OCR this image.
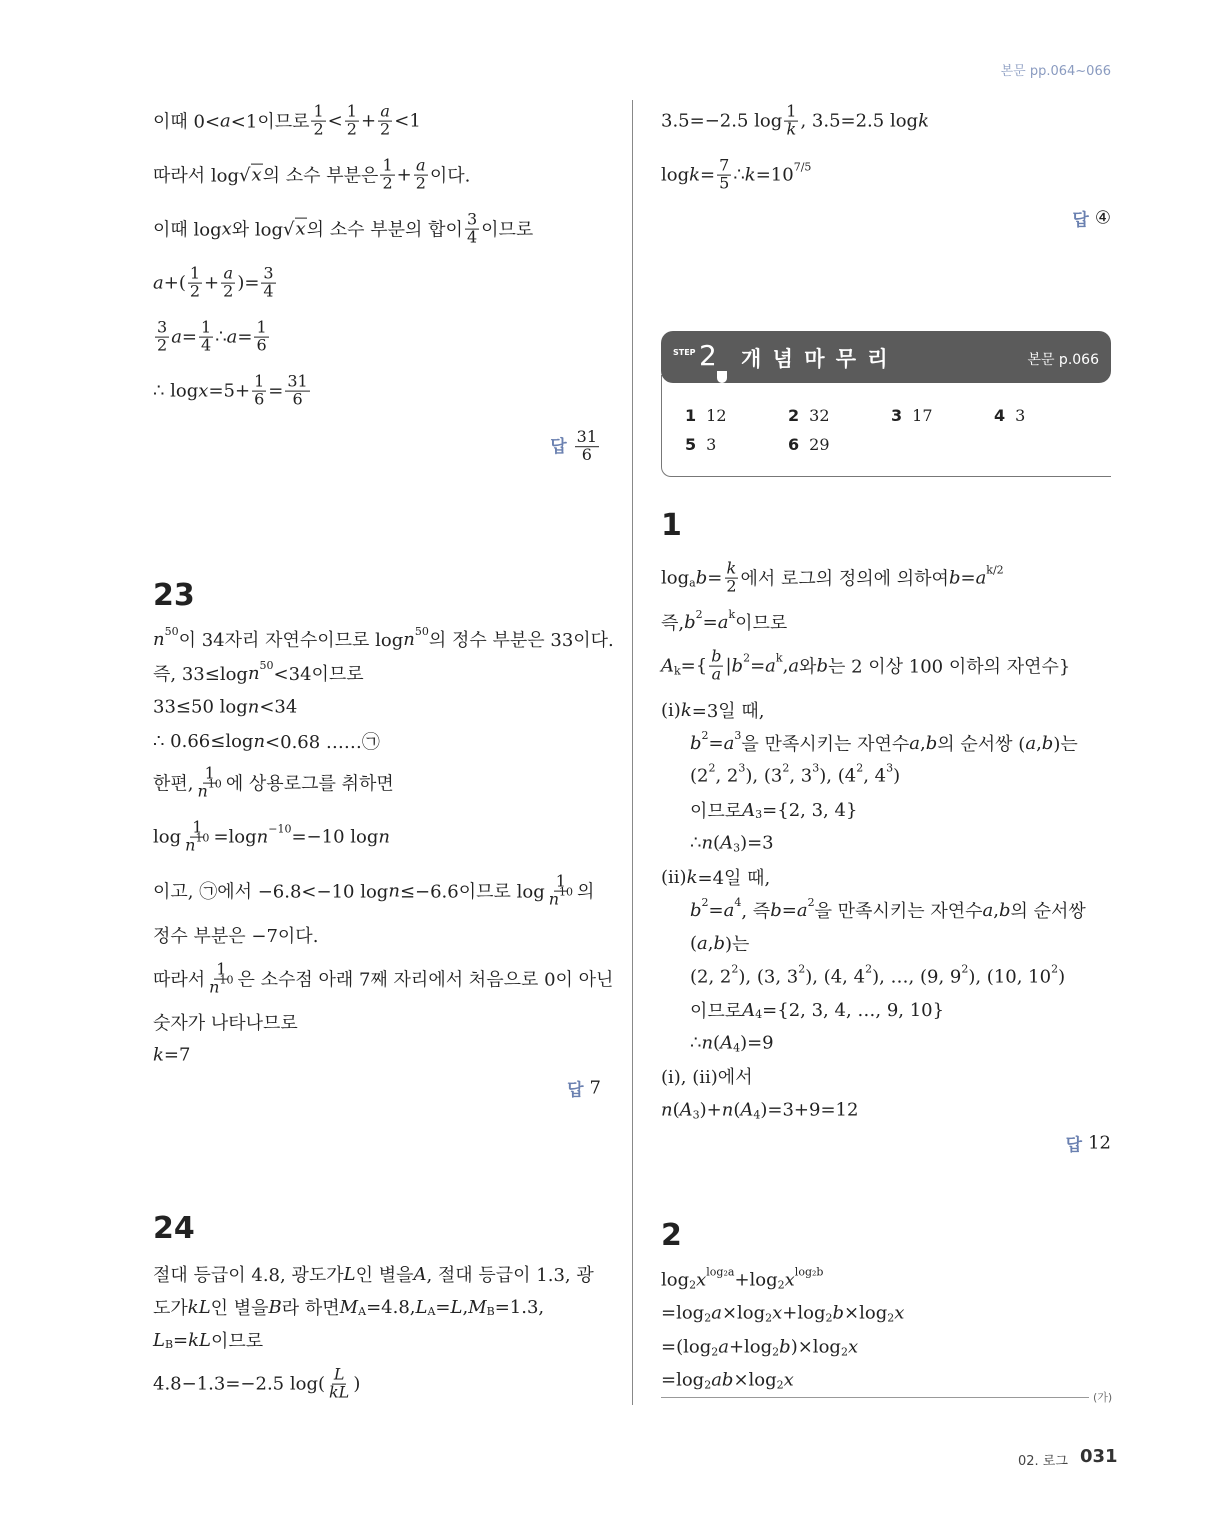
본문 pp.064~066
이때 0< a <1이므로 $\frac{1}{2} < \frac{1}{2} + \frac{a}{2} <1$
따라서 log √x 의 소수 부분은 $\frac{1}{2} + \frac{a}{2}$ 이다.
이때 log x 와 log √x 의 소수 부분의 합이 $\frac{3}{4}$ 이므로
a +( $\frac{1}{2} + \frac{a}{2}$ )= $\frac{3}{4}$
$\frac{3}{2}$ $a = \frac{1}{4}$ ∴ $a = \frac{1}{6}$
∴ $\log x =5+ \frac{1}{6} = \frac{31}{6}$
답 $\frac{31}{6}$
23
n 50 이 34자리 자연수이므로 log n 50 의 정수 부분은 33이다.
즉, 33≤log n 50 <34이므로
33≤50 log n <34
∴ 0.66≤log n <0.68 ……㉠
한편, $\frac{1}{n^{10}}$ 에 상용로그를 취하면
$\log \frac{1}{n^{10}} =\log$ n −10 =−10 log n
이고, ㉠에서 −6.8<−10 log n ≤−6.6이므로 $\log \frac{1}{n^{10}}$ 의
정수 부분은 −7이다.
따라서 $\frac{1}{n^{10}}$ 은 소수점 아래 7째 자리에서 처음으로 0이 아닌
숫자가 나타나므로
k =7
답 7
24
절대 등급이 4.8, 광도가 L 인 별을 A , 절대 등급이 1.3, 광
도가 kL 인 별을 B 라 하면 M A =4.8, L A = L , M B =1.3,
L B = kL 이므로
4.8−1.3=−2.5 $\log( \frac{L}{kL}$ )
3.5=−2.5 $\log \frac{1}{k}$ , 3.5=2.5 log k
$\log k = \frac{7}{5}$ ∴ k =10 7/5
답 ④
STEP 2 개 념 마 무 리	본문 p.066
1 12	2 32	3 17	4 3
5 3	6 29
1
log a $b = \frac{k}{2}$ 에서 로그의 정의에 의하여 b = a k/2
즉, b 2 = a k 이므로
A k ={ $\frac{b}{a}$ | b 2 = a k , a 와 b 는 2 이상 100 이하의 자연수}
(ⅰ) k =3일 때,
b 2 = a 3 을 만족시키는 자연수 a , b 의 순서쌍 ( a , b )는
(2 2 , 2 3 ), (3 2 , 3 3 ), (4 2 , 4 3 )
이므로 A 3 ={2, 3, 4}
∴ n ( A 3 )=3
(ⅱ) k =4일 때,
b 2 = a 4 , 즉 b = a 2 을 만족시키는 자연수 a , b 의 순서쌍
( a , b )는
(2, 2 2 ), (3, 3 2 ), (4, 4 2 ), …, (9, 9 2 ), (10, 10 2 )
이므로 A 4 ={2, 3, 4, …, 9, 10}
∴ n ( A 4 )=9
(ⅰ), (ⅱ)에서
n ( A 3 )+ n ( A 4 )=3+9=12
답 12
2
log 2 x log₂a +log 2 x log₂b
=log 2 a ×log 2 x +log 2 b ×log 2 x
=(log 2 a +log 2 b )×log 2 x
=log 2 ab ×log 2 x
(가)
02. 로그 031
